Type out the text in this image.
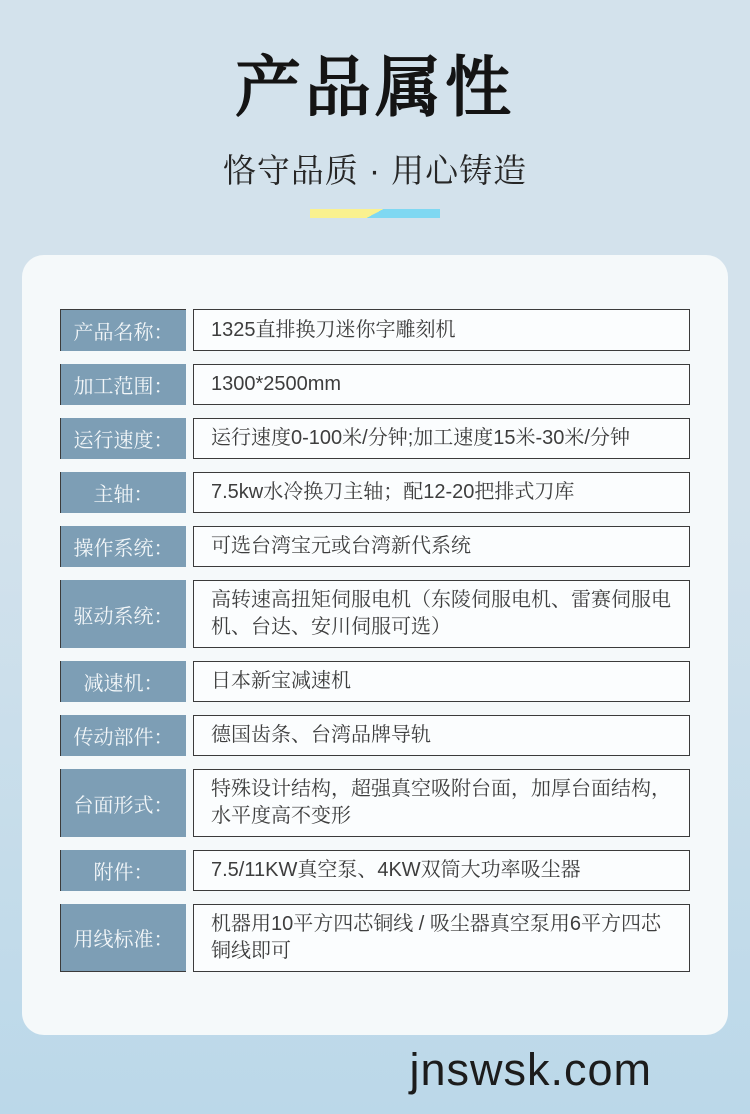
产品属性
恪守品质 · 用心铸造
产品名称：	1325直排换刀迷你字雕刻机
加工范围：	1300*2500mm
运行速度：	运行速度0-100米/分钟;加工速度15米-30米/分钟
主轴：	7.5kw水冷换刀主轴；配12-20把排式刀库
操作系统：	可选台湾宝元或台湾新代系统
驱动系统：
高转速高扭矩伺服电机（东陵伺服电机、雷赛伺服电机、台达、安川伺服可选）
减速机：	日本新宝减速机
传动部件：	德国齿条、台湾品牌导轨
台面形式：
特殊设计结构，超强真空吸附台面，加厚台面结构，水平度高不变形
附件：	7.5/11KW真空泵、4KW双筒大功率吸尘器
用线标准：
机器用10平方四芯铜线 / 吸尘器真空泵用6平方四芯铜线即可
jnswsk.com
